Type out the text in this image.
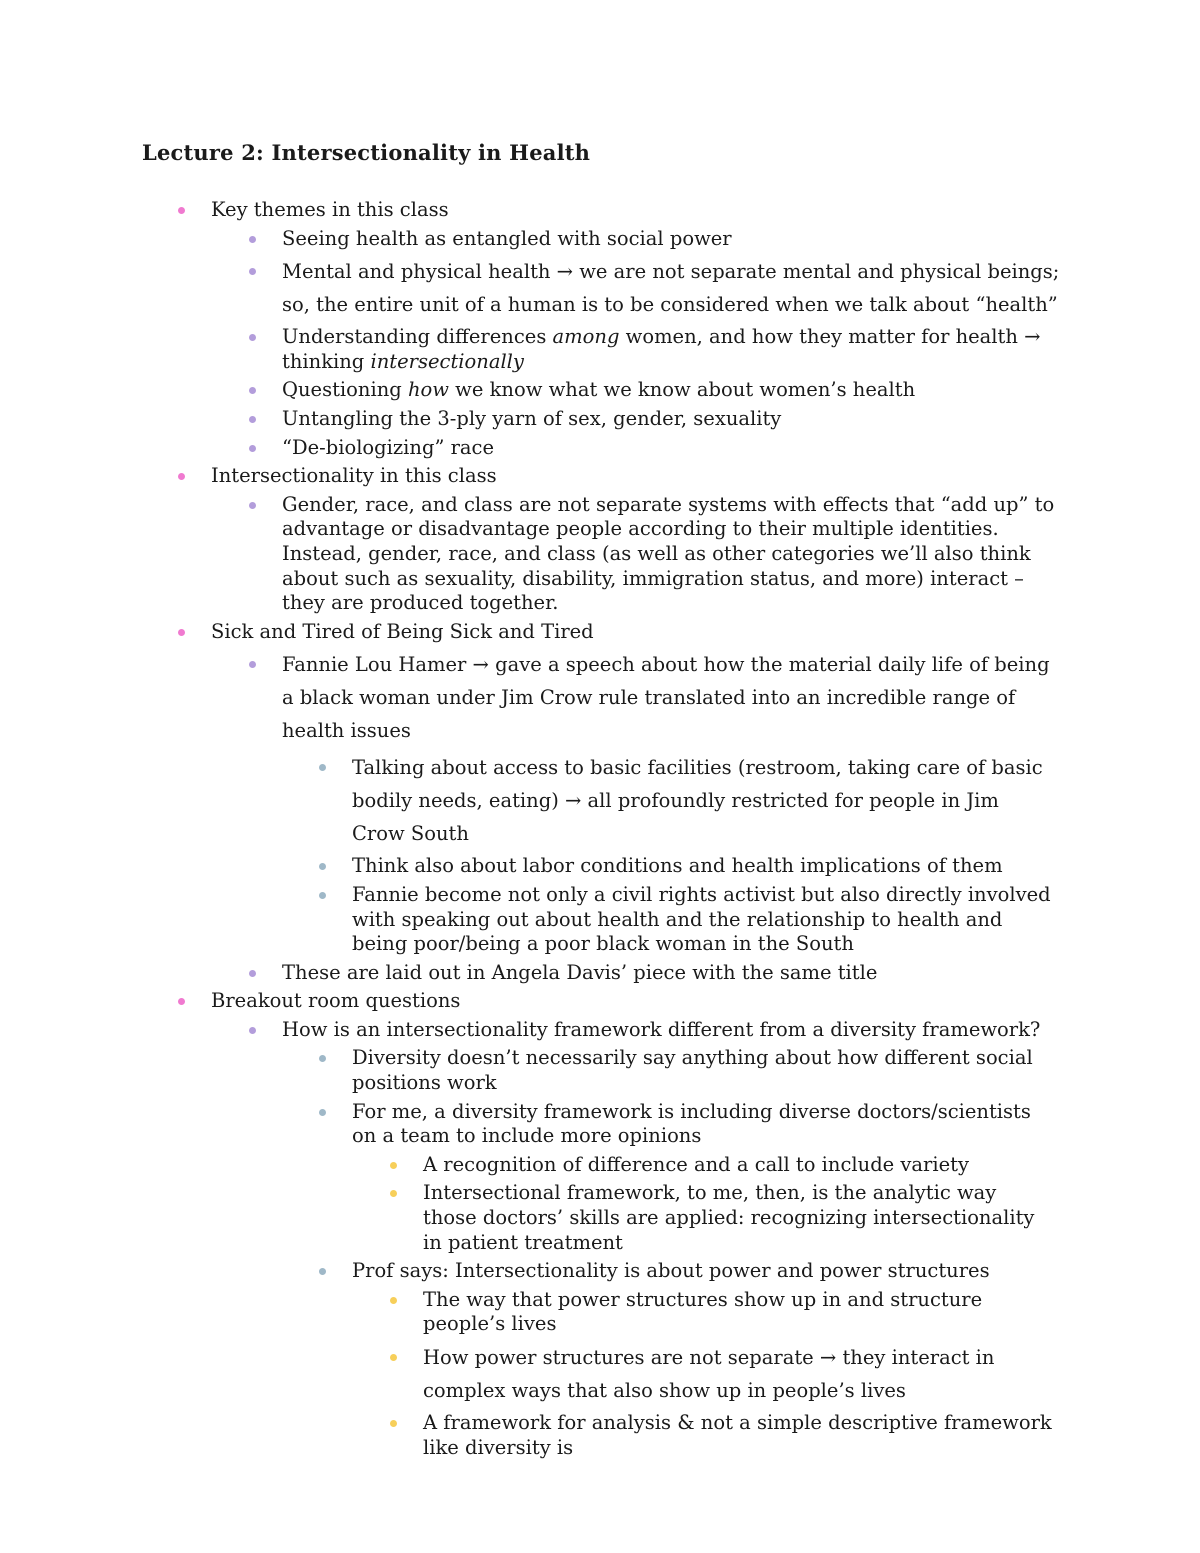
Lecture 2: Intersectionality in Health
Key themes in this class
Seeing health as entangled with social power
Mental and physical health → we are not separate mental and physical beings; so, the entire unit of a human is to be considered when we talk about “health”
Understanding differences among women, and how they matter for health → thinking intersectionally
Questioning how we know what we know about women’s health
Untangling the 3-ply yarn of sex, gender, sexuality
“De-biologizing” race
Intersectionality in this class
Gender, race, and class are not separate systems with effects that “add up” to advantage or disadvantage people according to their multiple identities. Instead, gender, race, and class (as well as other categories we’ll also think about such as sexuality, disability, immigration status, and more) interact – they are produced together.
Sick and Tired of Being Sick and Tired
Fannie Lou Hamer → gave a speech about how the material daily life of being a black woman under Jim Crow rule translated into an incredible range of health issues
Talking about access to basic facilities (restroom, taking care of basic bodily needs, eating) → all profoundly restricted for people in Jim Crow South
Think also about labor conditions and health implications of them
Fannie become not only a civil rights activist but also directly involved with speaking out about health and the relationship to health and being poor/being a poor black woman in the South
These are laid out in Angela Davis’ piece with the same title
Breakout room questions
How is an intersectionality framework different from a diversity framework?
Diversity doesn’t necessarily say anything about how different social positions work
For me, a diversity framework is including diverse doctors/scientists on a team to include more opinions
A recognition of difference and a call to include variety
Intersectional framework, to me, then, is the analytic way those doctors’ skills are applied: recognizing intersectionality in patient treatment
Prof says: Intersectionality is about power and power structures
The way that power structures show up in and structure people’s lives
How power structures are not separate → they interact in complex ways that also show up in people’s lives
A framework for analysis & not a simple descriptive framework like diversity is
